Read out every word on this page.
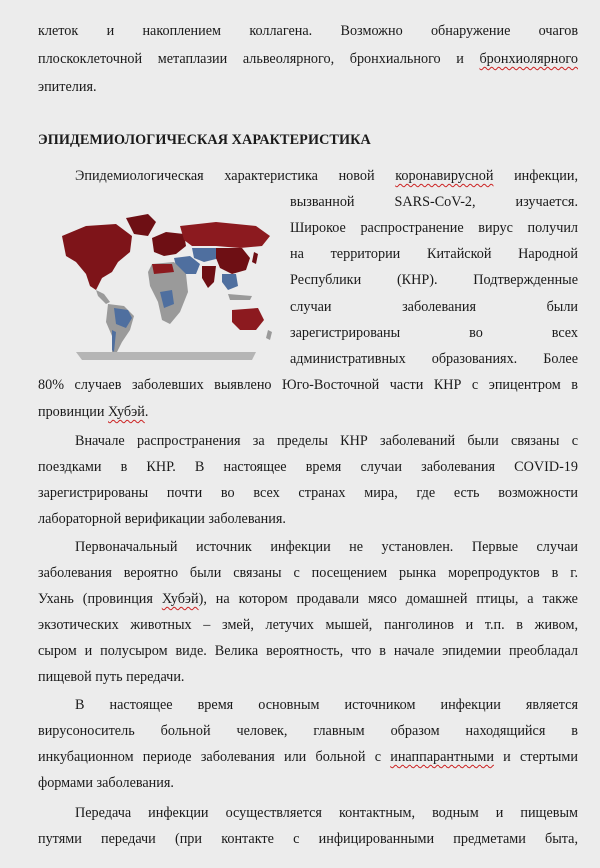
клеток и накоплением коллагена. Возможно обнаружение очагов
плоскоклеточной метаплазии альвеолярного, бронхиального и бронхиолярного
эпителия.
ЭПИДЕМИОЛОГИЧЕСКАЯ ХАРАКТЕРИСТИКА
Эпидемиологическая характеристика новой коронавирусной инфекции,
вызванной SARS-CoV-2, изучается.
Широкое распространение вирус получил
на территории Китайской Народной
Республики (КНР). Подтвержденные
случаи заболевания были
зарегистрированы во всех
административных образованиях. Более
80% случаев заболевших выявлено Юго-Восточной части КНР с эпицентром в
провинции Хубэй.
Вначале распространения за пределы КНР заболеваний были связаны с
поездками в КНР. В настоящее время случаи заболевания COVID-19
зарегистрированы почти во всех странах мира, где есть возможности
лабораторной верификации заболевания.
Первоначальный источник инфекции не установлен. Первые случаи
заболевания вероятно были связаны с посещением рынка морепродуктов в г.
Ухань (провинция Хубэй), на котором продавали мясо домашней птицы, а также
экзотических животных – змей, летучих мышей, панголинов и т.п. в живом,
сыром и полусыром виде. Велика вероятность, что в начале эпидемии преобладал
пищевой путь передачи.
В настоящее время основным источником инфекции является
вирусоноситель больной человек, главным образом находящийся в
инкубационном периоде заболевания или больной с инаппарантными и стертыми
формами заболевания.
Передача инфекции осуществляется контактным, водным и пищевым
путями передачи (при контакте с инфицированными предметами быта,
